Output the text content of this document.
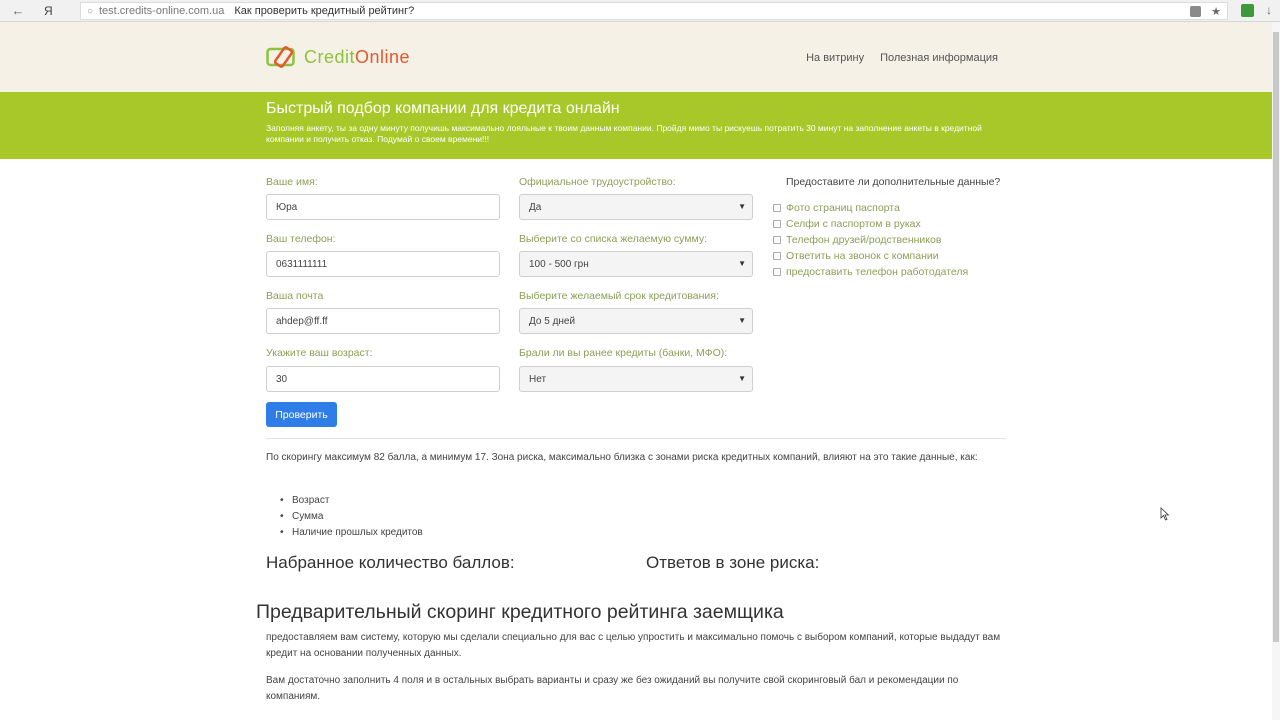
←	Я	○ test.credits-online.com.ua Как проверить кредитный рейтинг?	★	↓
CreditOnline	На витрину Полезная информация
Быстрый подбор компании для кредита онлайн

Заполняя анкету, ты за одну минуту получишь максимально лояльные к твоим данным компании. Пройдя мимо ты рискуешь потратить 30 минут на заполнение анкеты в кредитной компании и получить отказ. Подумай о своем времени!!!

Ваше имя:
Юра
Ваш телефон:
0631111111
Ваша почта
ahdep@ff.ff
Укажите ваш возраст:
30
Официальное трудоустройство:
Да	▼
Выберите со списка желаемую сумму:
100 - 500 грн	▼
Выберите желаемый срок кредитования:
До 5 дней	▼
Брали ли вы ранее кредиты (банки, МФО):
Нет	▼
Проверить
Предоставите ли дополнительные данные?
Фото страниц паспорта
Селфи с паспортом в руках
Телефон друзей/родственников
Ответить на звонок с компании
предоставить телефон работодателя
По скорингу максимум 82 балла, а минимум 17. Зона риска, максимально близка с зонами риска кредитных компаний, влияют на это такие данные, как:
• Возраст
• Сумма
• Наличие прошлых кредитов
Набранное количество баллов:	Ответов в зоне риска:
Предварительный скоринг кредитного рейтинга заемщика
предоставляем вам систему, которую мы сделали специально для вас с целью упростить и максимально помочь с выбором компаний, которые выдадут вам кредит на основании полученных данных.
Вам достаточно заполнить 4 поля и в остальных выбрать варианты и сразу же без ожиданий вы получите свой скоринговый бал и рекомендации по компаниям.
